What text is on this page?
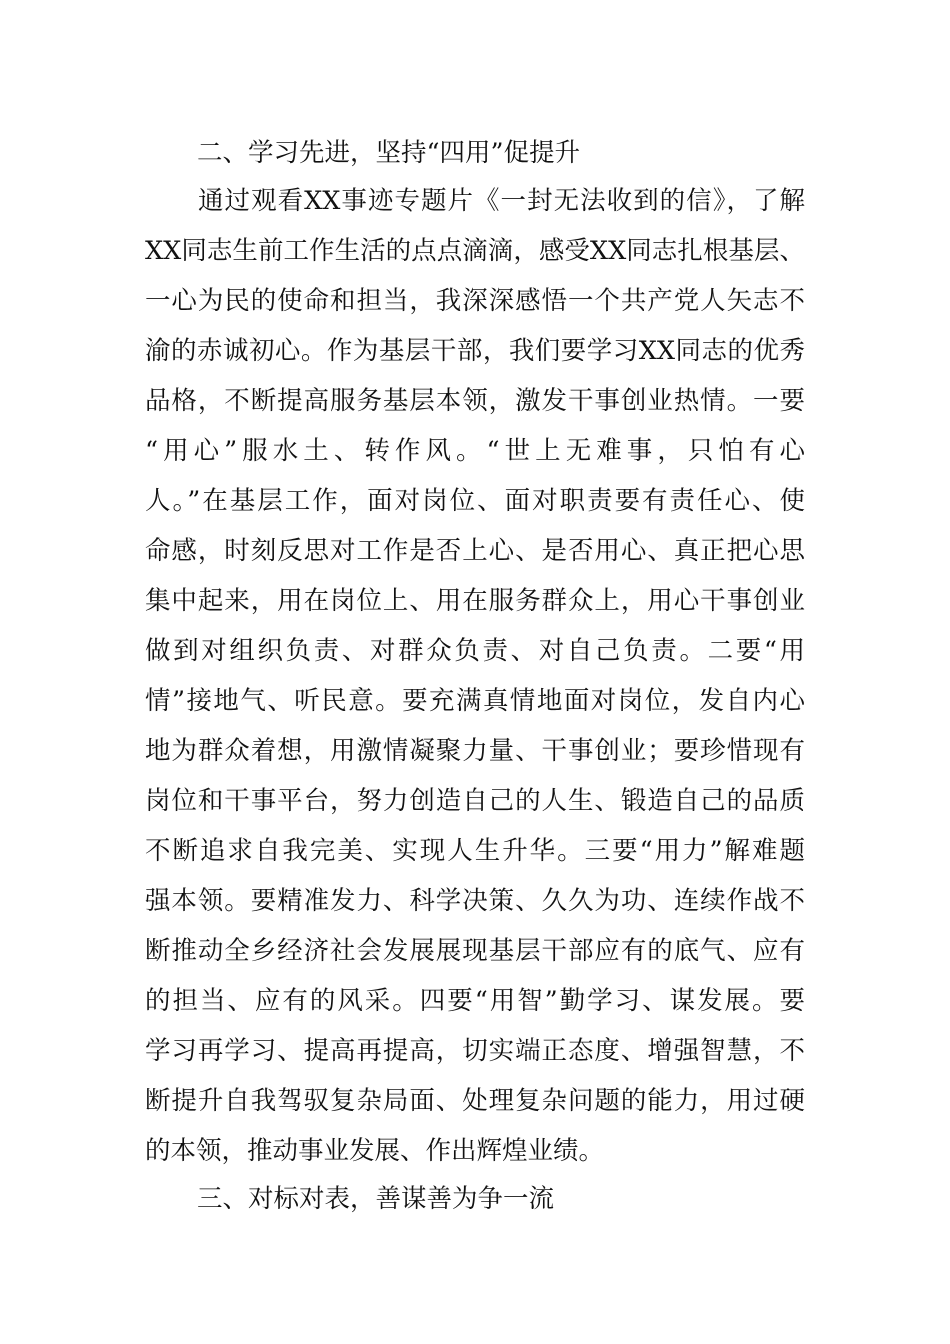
二、学习先进，坚持“四用”促提升
　　通过观看XX事迹专题片《一封无法收到的信》，了解
XX同志生前工作生活的点点滴滴，感受XX同志扎根基层、
一心为民的使命和担当，我深深感悟一个共产党人矢志不
渝的赤诚初心。作为基层干部，我们要学习XX同志的优秀
品格，不断提高服务基层本领，激发干事创业热情。一要
“用心”服水土、转作风。“世上无难事，只怕有心
人。”在基层工作，面对岗位、面对职责要有责任心、使
命感，时刻反思对工作是否上心、是否用心、真正把心思
集中起来，用在岗位上、用在服务群众上，用心干事创业
做到对组织负责、对群众负责、对自己负责。二要“用
情”接地气、听民意。要充满真情地面对岗位，发自内心
地为群众着想，用激情凝聚力量、干事创业；要珍惜现有
岗位和干事平台，努力创造自己的人生、锻造自己的品质
不断追求自我完美、实现人生升华。三要“用力”解难题
强本领。要精准发力、科学决策、久久为功、连续作战不
断推动全乡经济社会发展展现基层干部应有的底气、应有
的担当、应有的风采。四要“用智”勤学习、谋发展。要
学习再学习、提高再提高，切实端正态度、增强智慧，不
断提升自我驾驭复杂局面、处理复杂问题的能力，用过硬
的本领，推动事业发展、作出辉煌业绩。
三、对标对表，善谋善为争一流
